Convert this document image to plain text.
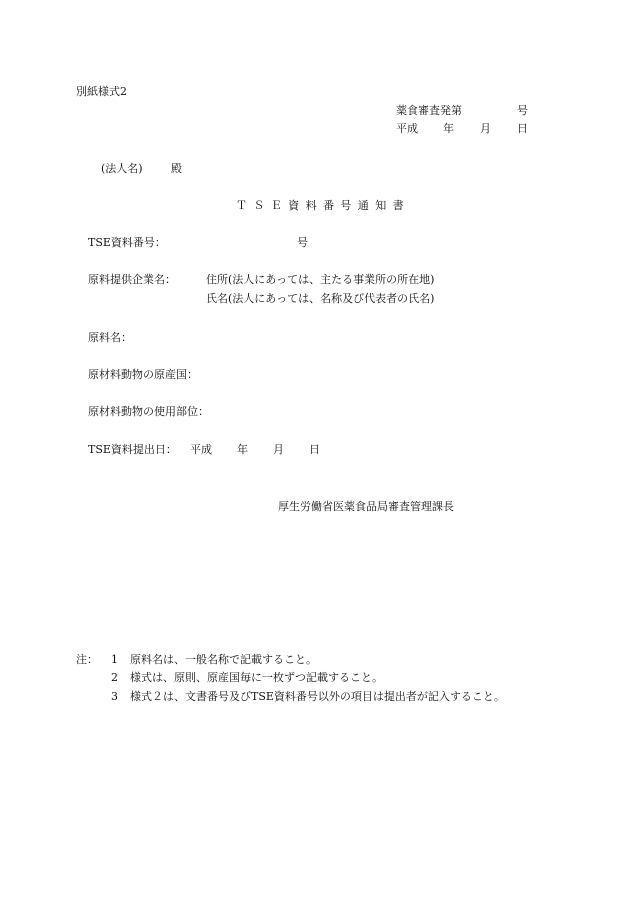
別紙様式2
薬食審査発第	号
平成 年 月 日
(法人名)	殿
ＴＳＥ資料番号通知書
TSE資料番号：	号
原料提供企業名：	住所(法人にあっては、主たる事業所の所在地)
氏名(法人にあっては、名称及び代表者の氏名)
原料名：
原材料動物の原産国：
原材料動物の使用部位：
TSE資料提出日： 平成 年 月 日
厚生労働省医薬食品局審査管理課長
注： 1 原料名は、一般名称で記載すること。
2 様式は、原則、原産国毎に一枚ずつ記載すること。
3 様式２は、文書番号及びTSE資料番号以外の項目は提出者が記入すること。
